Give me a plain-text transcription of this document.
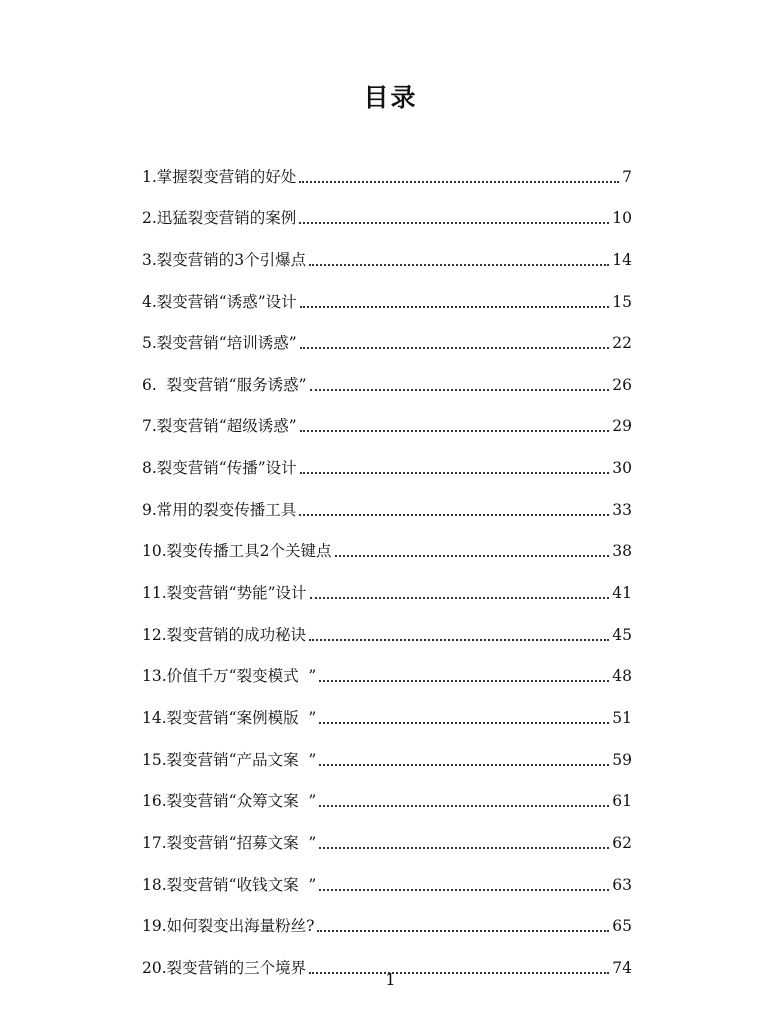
目录
1.掌握裂变营销的好处	7
2.迅猛裂变营销的案例	10
3.裂变营销的3个引爆点	14
4.裂变营销“诱惑”设计	15
5.裂变营销“培训诱惑”	22
6.  裂变营销“服务诱惑”	26
7.裂变营销“超级诱惑”	29
8.裂变营销“传播”设计	30
9.常用的裂变传播工具	33
10.裂变传播工具2个关键点	38
11.裂变营销“势能”设计	41
12.裂变营销的成功秘诀	45
13.价值千万“裂变模式  ”	48
14.裂变营销“案例模版  ”	51
15.裂变营销“产品文案  ”	59
16.裂变营销“众筹文案  ”	61
17.裂变营销“招募文案  ”	62
18.裂变营销“收钱文案  ”	63
19.如何裂变出海量粉丝?	65
20.裂变营销的三个境界	74

1
